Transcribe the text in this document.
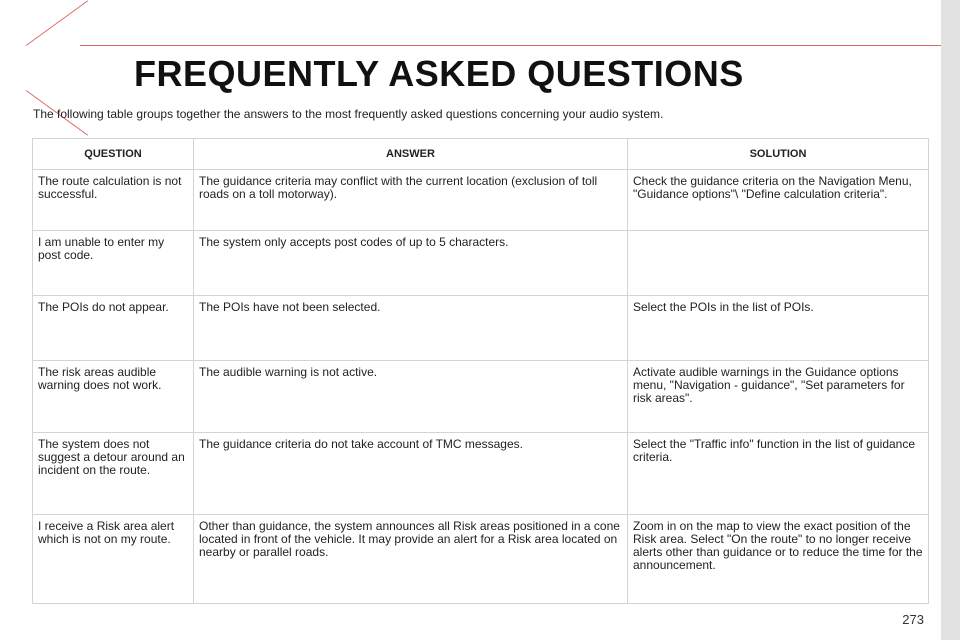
FREQUENTLY ASKED QUESTIONS
The following table groups together the answers to the most frequently asked questions concerning your audio system.
QUESTION	ANSWER	SOLUTION
The route calculation is not successful.	The guidance criteria may conflict with the current location (exclusion of toll roads on a toll motorway).	Check the guidance criteria on the Navigation Menu, "Guidance options"\ "Define calculation criteria".
I am unable to enter my post code.	The system only accepts post codes of up to 5 characters.	
The POIs do not appear.	The POIs have not been selected.	Select the POIs in the list of POIs.
The risk areas audible warning does not work.	The audible warning is not active.	Activate audible warnings in the Guidance options menu, "Navigation - guidance", "Set parameters for risk areas".
The system does not suggest a detour around an incident on the route.	The guidance criteria do not take account of TMC messages.	Select the "Traffic info" function in the list of guidance criteria.
I receive a Risk area alert which is not on my route.	Other than guidance, the system announces all Risk areas positioned in a cone located in front of the vehicle. It may provide an alert for a Risk area located on nearby or parallel roads.	Zoom in on the map to view the exact position of the Risk area. Select "On the route" to no longer receive alerts other than guidance or to reduce the time for the announcement.
273
